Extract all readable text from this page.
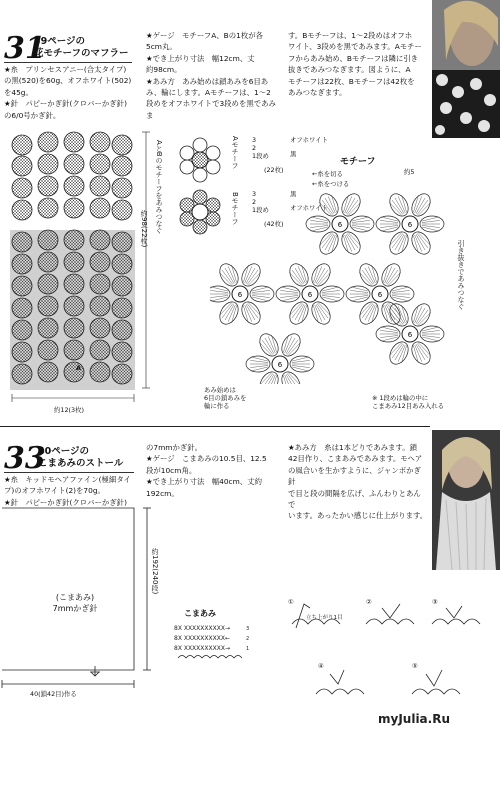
31
39ページの
花モチーフのマフラー

★糸　プリンセスアニー(合太タイプ)

の黒(520)を60g、オフホワイト(502)

を45g。

★針　パピーかぎ針(クロバーかぎ針)

の6/0号かぎ針。

★ゲージ　モチーフA、Bの1枚が各

5cm丸。

★でき上がり寸法　幅12cm、丈

約98cm。

★あみ方　あみ始めは鎖あみを6目あ

み、輪にします。Aモチーフは、1〜2

段めをオフホワイトで3段めを黒であみま

す。Bモチーフは、1〜2段めはオフホ

ワイト、3段めを黒であみます。Aモチー

フからあみ始め、Bモチーフは隣に引き

抜きであみつなぎます。図ように、A

モチーフは22枚、Bモチーフは42枚を

あみつなぎます。

A
約12(3枚)
AとBのモチーフをあみつなぐ
約98(22枚)
Aモチーフ 3
2
1段め
オフホワイト
黒
(22枚)
Bモチーフ 3
2
1段め
黒
オフホワイト
(42枚)
モチーフ
←糸を切る
←糸をつける
約5
6	6
6	6	6
6
6
引き抜きであみつなぐ
あみ始めは
6目の鎖あみを
輪に作る
※ 1段めは輪の中に
こまあみ12目あみ入れる
33
40ページの
こまあみのストール

★糸　キッドモヘアファイン(極細タイ

プ)のオフホワイト(2)を70g。

★針　パピーかぎ針(クロバーかぎ針)

の7mmかぎ針。

★ゲージ　こまあみの10.5目、12.5

段が10cm角。

★でき上がり寸法　幅40cm、丈約

192cm。

★あみ方　糸は1本どりであみます。鎖

42目作り、こまあみであみます。モヘア

の風合いを生かすように、ジャンボかぎ針

で目と段の間隔を広げ、ふんわりとあんで

います。あったかい感じに仕上がります。

(こまあみ)
7mmかぎ針
約192(240段)
40(鎖42目)作る
こまあみ
8X XXXXXXXXXX→
8X XXXXXXXXXX←
8X XXXXXXXXXX→
3
2
1
①
立ち上がり1目
②	③
④	⑤
myJulia.Ru
